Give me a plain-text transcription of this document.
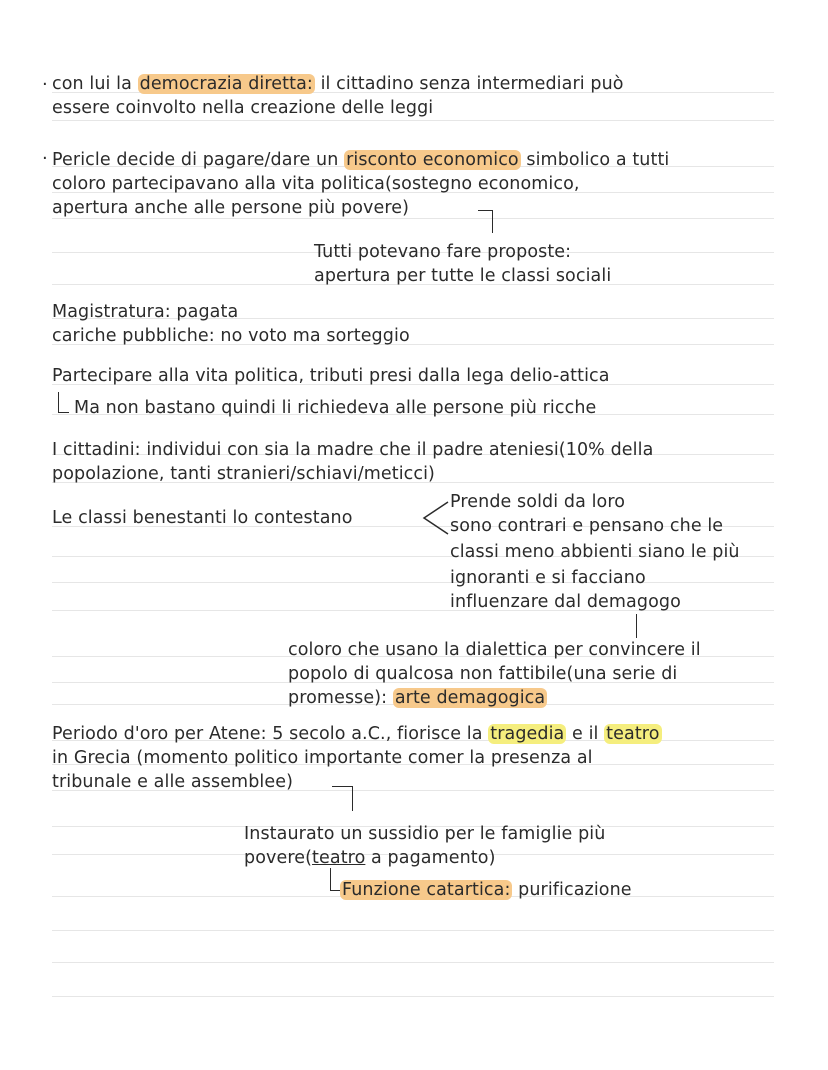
· con lui la democrazia diretta: il cittadino senza intermediari può
essere coinvolto nella creazione delle leggi
· Pericle decide di pagare/dare un risconto economico simbolico a tutti
coloro partecipavano alla vita politica(sostegno economico,
apertura anche alle persone più povere)
Tutti potevano fare proposte:
apertura per tutte le classi sociali
Magistratura: pagata
cariche pubbliche: no voto ma sorteggio
Partecipare alla vita politica, tributi presi dalla lega delio-attica
Ma non bastano quindi li richiedeva alle persone più ricche
I cittadini: individui con sia la madre che il padre ateniesi(10% della
popolazione, tanti stranieri/schiavi/meticci)
Le classi benestanti lo contestano
Prende soldi da loro
sono contrari e pensano che le
classi meno abbienti siano le più
ignoranti e si facciano
influenzare dal demagogo
coloro che usano la dialettica per convincere il
popolo di qualcosa non fattibile(una serie di
promesse): arte demagogica
Periodo d'oro per Atene: 5 secolo a.C., fiorisce la tragedia e il teatro
in Grecia (momento politico importante comer la presenza al
tribunale e alle assemblee)
Instaurato un sussidio per le famiglie più
povere(teatro a pagamento)
Funzione catartica: purificazione
